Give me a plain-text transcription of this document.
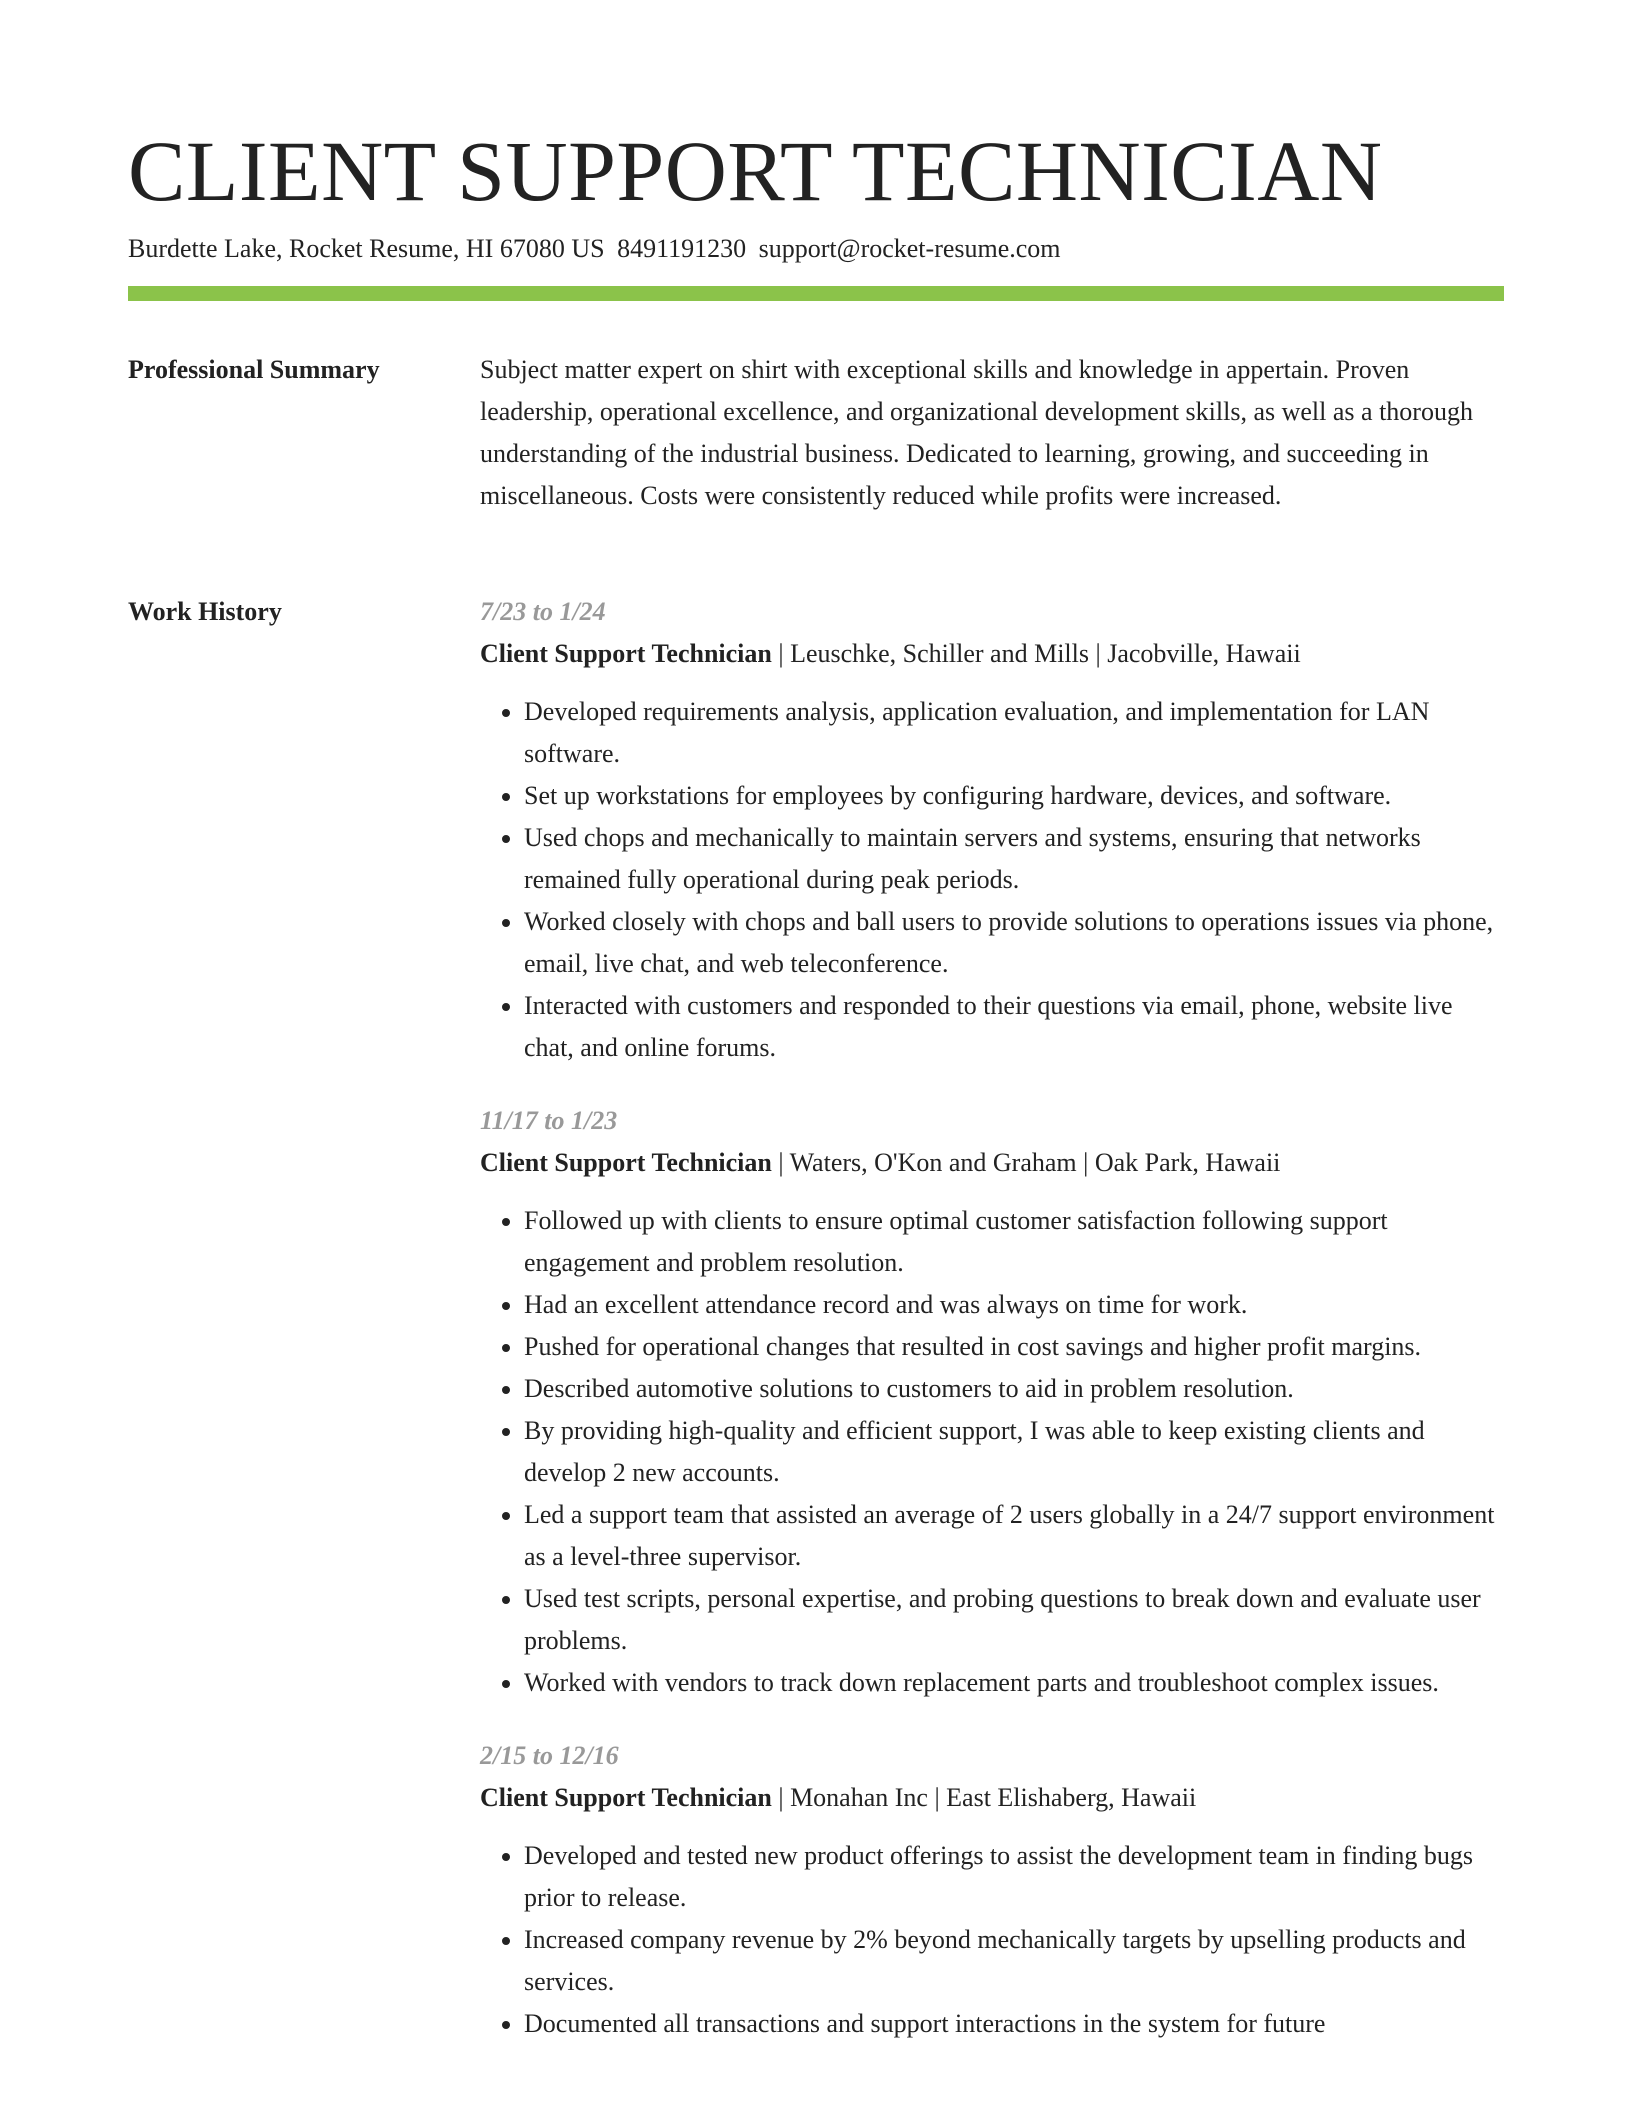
CLIENT SUPPORT TECHNICIAN
Burdette Lake, Rocket Resume, HI 67080 US 8491191230 support@rocket-resume.com
Professional Summary	Subject matter expert on shirt with exceptional skills and knowledge in appertain. Proven leadership, operational excellence, and organizational development skills, as well as a thorough understanding of the industrial business. Dedicated to learning, growing, and succeeding in miscellaneous. Costs were consistently reduced while profits were increased.

Work History	7/23 to 1/24
Client Support Technician | Leuschke, Schiller and Mills | Jacobville, Hawaii
• Developed requirements analysis, application evaluation, and implementation for LAN software.
• Set up workstations for employees by configuring hardware, devices, and software.
• Used chops and mechanically to maintain servers and systems, ensuring that networks remained fully operational during peak periods.
• Worked closely with chops and ball users to provide solutions to operations issues via phone, email, live chat, and web teleconference.
• Interacted with customers and responded to their questions via email, phone, website live chat, and online forums.
11/17 to 1/23
Client Support Technician | Waters, O'Kon and Graham | Oak Park, Hawaii
• Followed up with clients to ensure optimal customer satisfaction following support engagement and problem resolution.
• Had an excellent attendance record and was always on time for work.
• Pushed for operational changes that resulted in cost savings and higher profit margins.
• Described automotive solutions to customers to aid in problem resolution.
• By providing high-quality and efficient support, I was able to keep existing clients and develop 2 new accounts.
• Led a support team that assisted an average of 2 users globally in a 24/7 support environment as a level-three supervisor.
• Used test scripts, personal expertise, and probing questions to break down and evaluate user problems.
• Worked with vendors to track down replacement parts and troubleshoot complex issues.
2/15 to 12/16
Client Support Technician | Monahan Inc | East Elishaberg, Hawaii
• Developed and tested new product offerings to assist the development team in finding bugs prior to release.
• Increased company revenue by 2% beyond mechanically targets by upselling products and services.
• Documented all transactions and support interactions in the system for future
